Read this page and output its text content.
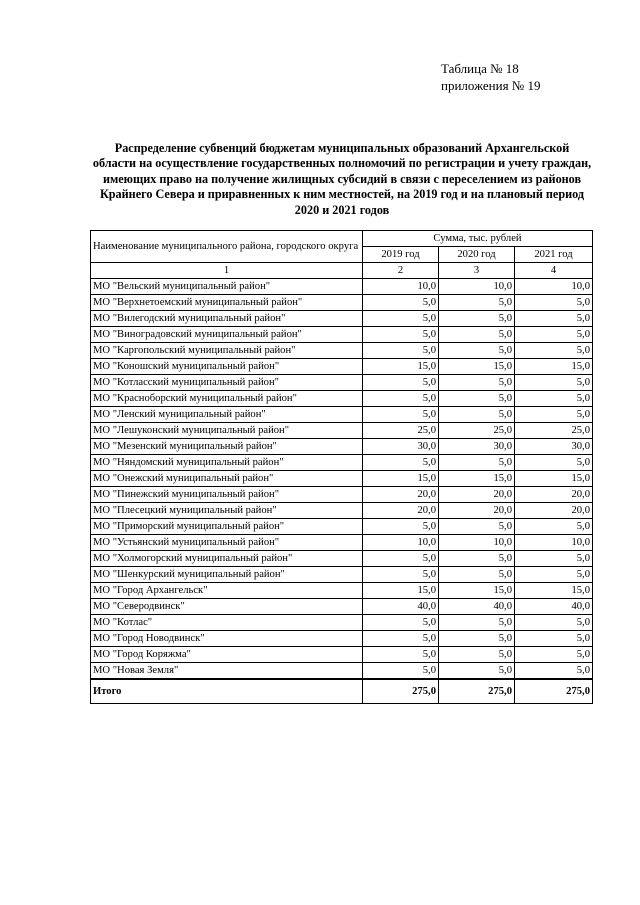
Таблица № 18
приложения № 19
Распределение субвенций бюджетам муниципальных образований Архангельской области на осуществление государственных полномочий по регистрации и учету граждан, имеющих право на получение жилищных субсидий в связи с переселением из районов Крайнего Севера и приравненных к ним местностей, на 2019 год и на плановый период 2020 и 2021 годов
Наименование муниципального района, городского округа	Сумма, тыс. рублей		
	2019 год	2020 год	2021 год
1	2	3	4
МО "Вельский муниципальный район"	10,0	10,0	10,0
МО "Верхнетоемский муниципальный район"	5,0	5,0	5,0
МО "Вилегодский муниципальный район"	5,0	5,0	5,0
МО "Виноградовский муниципальный район"	5,0	5,0	5,0
МО "Каргопольский муниципальный район"	5,0	5,0	5,0
МО "Коношский муниципальный район"	15,0	15,0	15,0
МО "Котласский муниципальный район"	5,0	5,0	5,0
МО "Красноборский муниципальный район"	5,0	5,0	5,0
МО "Ленский муниципальный район"	5,0	5,0	5,0
МО "Лешуконский муниципальный район"	25,0	25,0	25,0
МО "Мезенский муниципальный район"	30,0	30,0	30,0
МО "Няндомский муниципальный район"	5,0	5,0	5,0
МО "Онежский муниципальный район"	15,0	15,0	15,0
МО "Пинежский муниципальный район"	20,0	20,0	20,0
МО "Плесецкий муниципальный район"	20,0	20,0	20,0
МО "Приморский муниципальный район"	5,0	5,0	5,0
МО "Устьянский муниципальный район"	10,0	10,0	10,0
МО "Холмогорский муниципальный район"	5,0	5,0	5,0
МО "Шенкурский муниципальный район"	5,0	5,0	5,0
МО "Город Архангельск"	15,0	15,0	15,0
МО "Северодвинск"	40,0	40,0	40,0
МО "Котлас"	5,0	5,0	5,0
МО "Город Новодвинск"	5,0	5,0	5,0
МО "Город Коряжма"	5,0	5,0	5,0
МО "Новая Земля"	5,0	5,0	5,0
Итого	275,0	275,0	275,0
